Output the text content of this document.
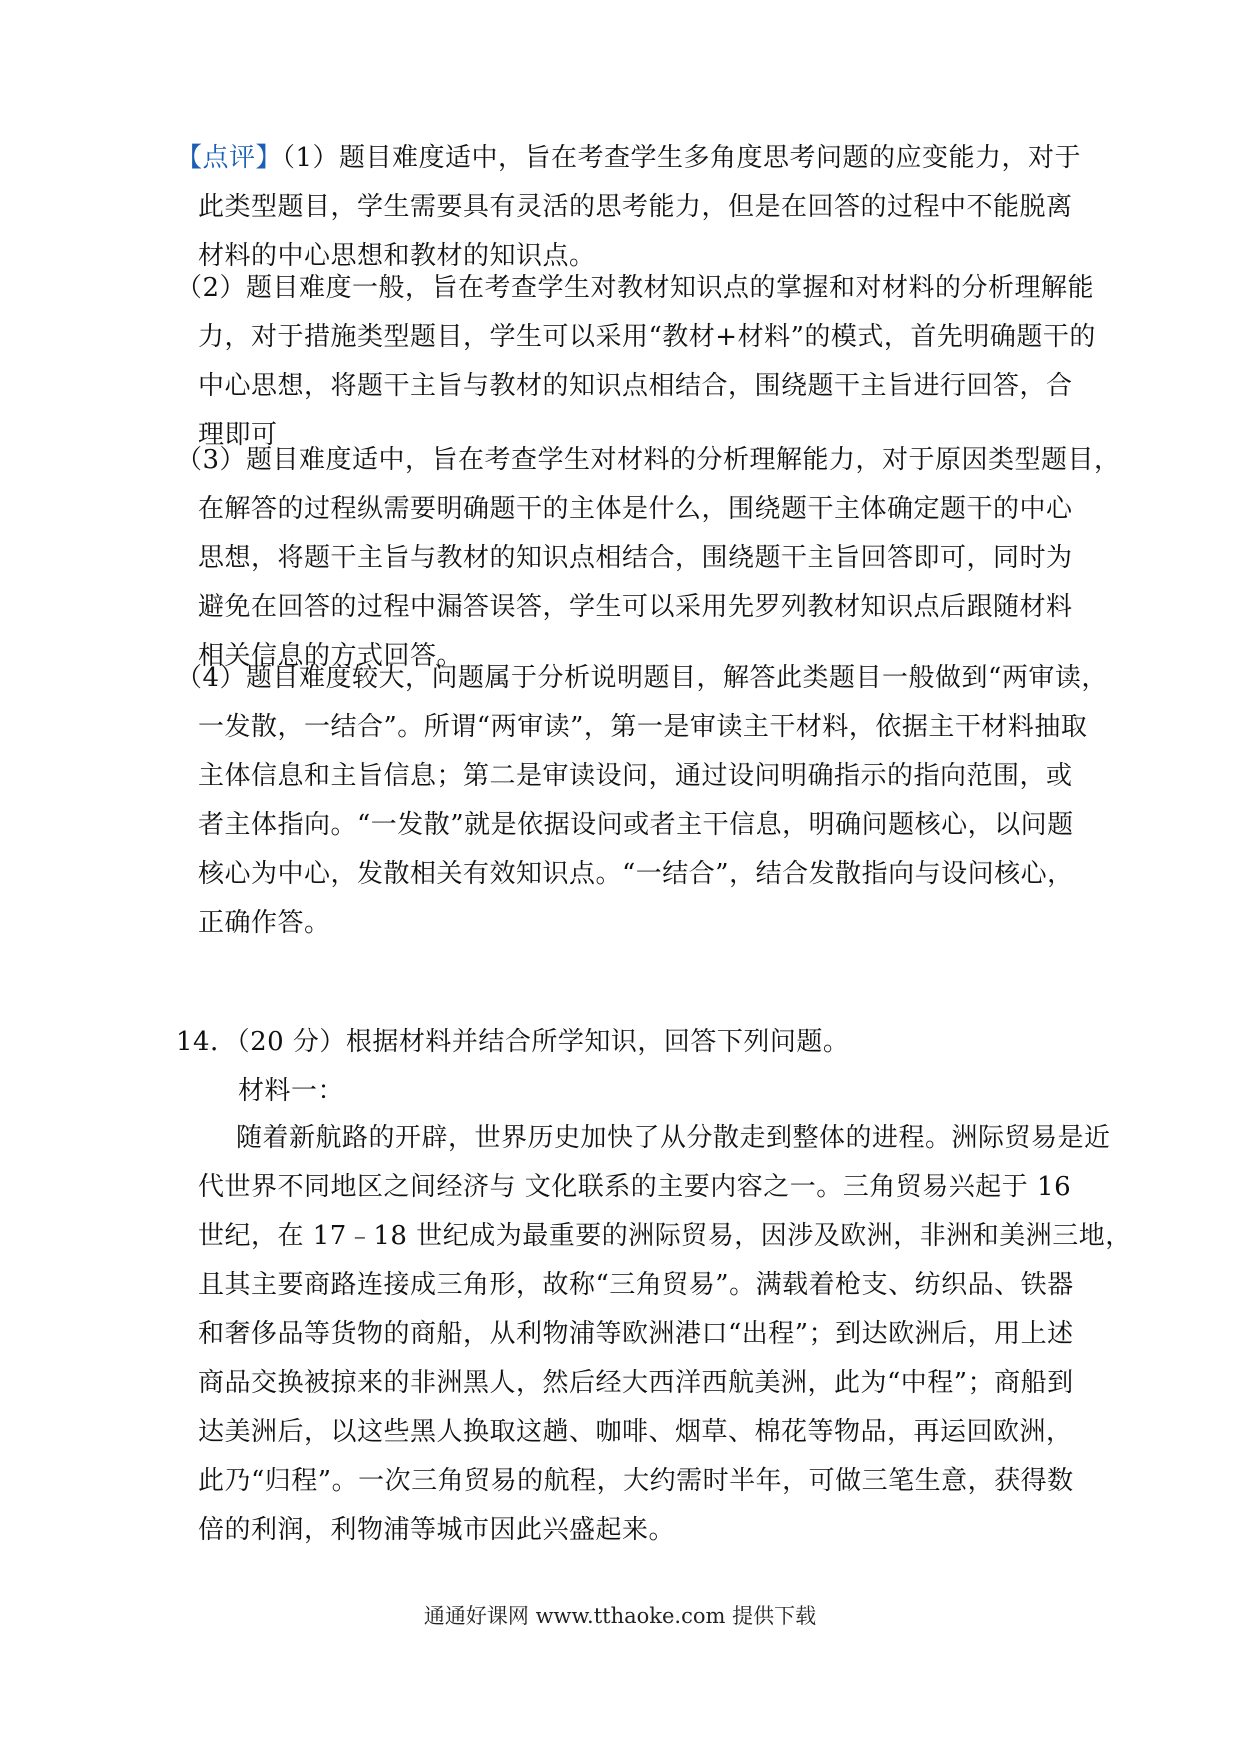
【点评】（1）题目难度适中，旨在考查学生多角度思考问题的应变能力，对于
此类型题目，学生需要具有灵活的思考能力，但是在回答的过程中不能脱离
材料的中心思想和教材的知识点。
（2）题目难度一般，旨在考查学生对教材知识点的掌握和对材料的分析理解能
力，对于措施类型题目，学生可以采用“教材+材料”的模式，首先明确题干的
中心思想，将题干主旨与教材的知识点相结合，围绕题干主旨进行回答，合
理即可
（3）题目难度适中，旨在考查学生对材料的分析理解能力，对于原因类型题目，
在解答的过程纵需要明确题干的主体是什么，围绕题干主体确定题干的中心
思想，将题干主旨与教材的知识点相结合，围绕题干主旨回答即可，同时为
避免在回答的过程中漏答误答，学生可以采用先罗列教材知识点后跟随材料
相关信息的方式回答。
（4）题目难度较大，问题属于分析说明题目，解答此类题目一般做到“两审读，
一发散，一结合”。所谓“两审读”，第一是审读主干材料，依据主干材料抽取
主体信息和主旨信息；第二是审读设问，通过设问明确指示的指向范围，或
者主体指向。“一发散”就是依据设问或者主干信息，明确问题核心，以问题
核心为中心，发散相关有效知识点。“一结合”，结合发散指向与设问核心，
正确作答。
14．（20 分）根据材料并结合所学知识，回答下列问题。
材料一：
随着新航路的开辟，世界历史加快了从分散走到整体的进程。洲际贸易是近
代世界不同地区之间经济与 文化联系的主要内容之一。三角贸易兴起于 16
世纪，在 17﹣18 世纪成为最重要的洲际贸易，因涉及欧洲，非洲和美洲三地，
且其主要商路连接成三角形，故称“三角贸易”。满载着枪支、纺织品、铁器
和奢侈品等货物的商船，从利物浦等欧洲港口“出程”；到达欧洲后，用上述
商品交换被掠来的非洲黑人，然后经大西洋西航美洲，此为“中程”；商船到
达美洲后，以这些黑人换取这趟、咖啡、烟草、棉花等物品，再运回欧洲，
此乃“归程”。一次三角贸易的航程，大约需时半年，可做三笔生意，获得数
倍的利润，利物浦等城市因此兴盛起来。
通通好课网 www.tthaoke.com 提供下载
